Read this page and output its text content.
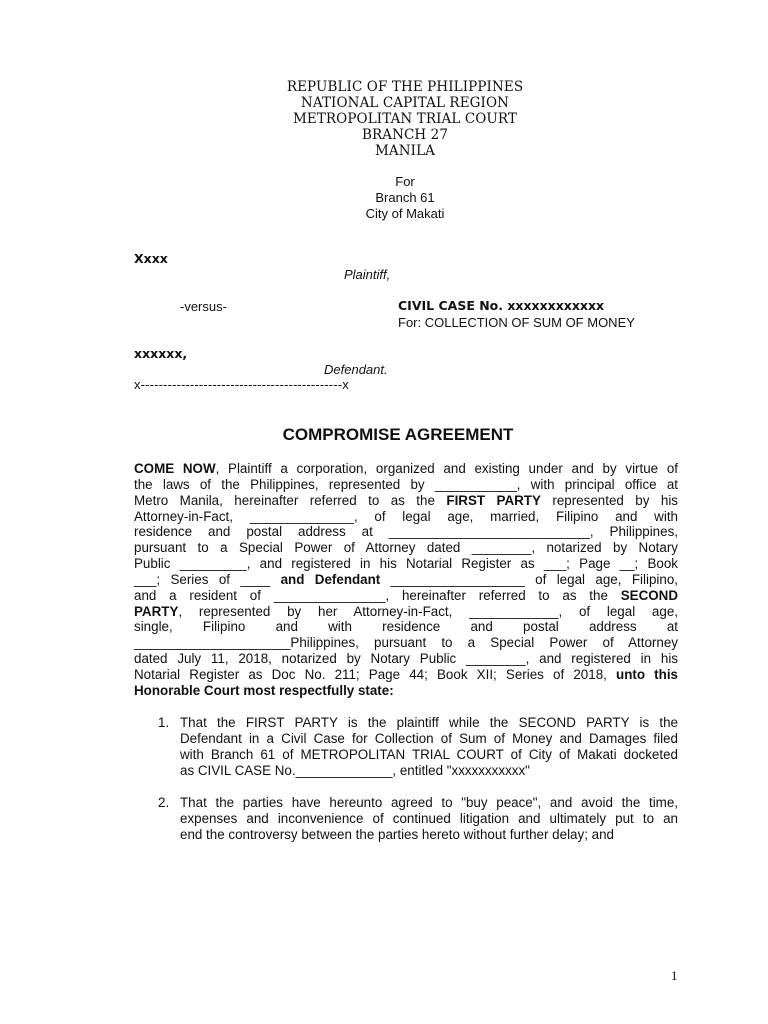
REPUBLIC OF THE PHILIPPINES
NATIONAL CAPITAL REGION
METROPOLITAN TRIAL COURT
BRANCH 27
MANILA
For
Branch 61
City of Makati
Xxxx
Plaintiff,
-versus-	CIVIL CASE No. xxxxxxxxxxxx
For: COLLECTION OF SUM OF MONEY
xxxxxx,
Defendant.
x---------------------------------------------x
COMPROMISE AGREEMENT
COME NOW, Plaintiff a corporation, organized and existing under and by virtue of
the laws of the Philippines, represented by ___________, with principal office at
Metro Manila, hereinafter referred to as the FIRST PARTY represented by his
Attorney-in-Fact, ______________, of legal age, married, Filipino and with
residence and postal address at ___________________________, Philippines,
pursuant to a Special Power of Attorney dated ________, notarized by Notary
Public _________, and registered in his Notarial Register as ___; Page __; Book
___; Series of ____ and Defendant __________________ of legal age, Filipino,
and a resident of _______________, hereinafter referred to as the SECOND
PARTY, represented by her Attorney-in-Fact, ____________, of legal age,
single, Filipino and with residence and postal address at
_____________________Philippines, pursuant to a Special Power of Attorney
dated July 11, 2018, notarized by Notary Public ________, and registered in his
Notarial Register as Doc No. 211; Page 44; Book XII; Series of 2018, unto this
Honorable Court most respectfully state:
1. That the FIRST PARTY is the plaintiff while the SECOND PARTY is the
Defendant in a Civil Case for Collection of Sum of Money and Damages filed
with Branch 61 of METROPOLITAN TRIAL COURT of City of Makati docketed
as CIVIL CASE No._____________, entitled "xxxxxxxxxxx"
2. That the parties have hereunto agreed to "buy peace", and avoid the time,
expenses and inconvenience of continued litigation and ultimately put to an
end the controversy between the parties hereto without further delay; and
1
